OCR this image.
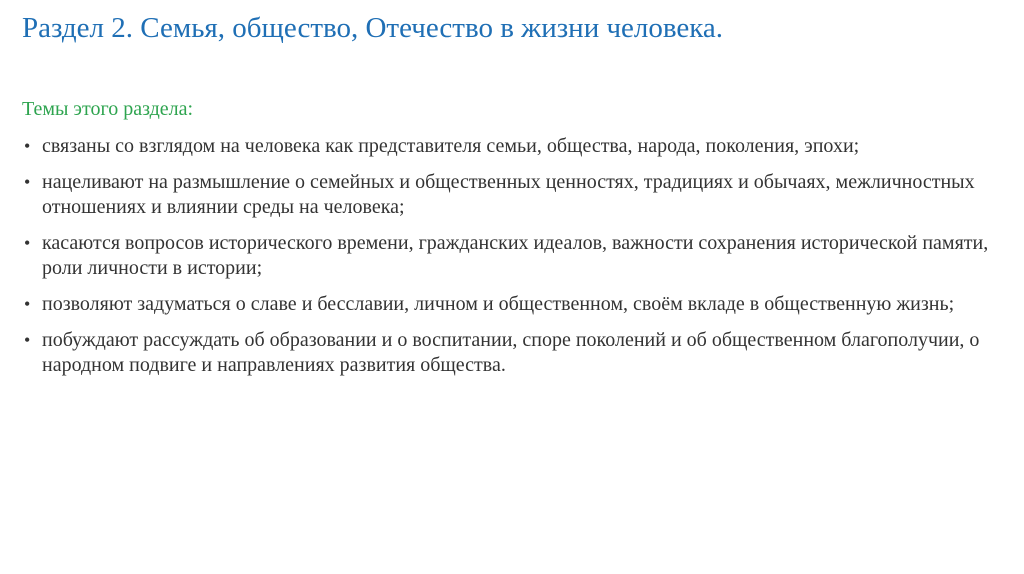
Раздел 2. Семья, общество, Отечество в жизни человека.

Темы этого раздела:

• связаны со взглядом на человека как представителя семьи, общества, народа, поколения, эпохи;
• нацеливают на размышление о семейных и общественных ценностях, традициях и обычаях, межличностных отношениях и влиянии среды на человека;
• касаются вопросов исторического времени, гражданских идеалов, важности сохранения исторической памяти, роли личности в истории;
• позволяют задуматься о славе и бесславии, личном и общественном, своём вкладе в общественную жизнь;
• побуждают рассуждать об образовании и о воспитании, споре поколений и об общественном благополучии, о народном подвиге и направлениях развития общества.
